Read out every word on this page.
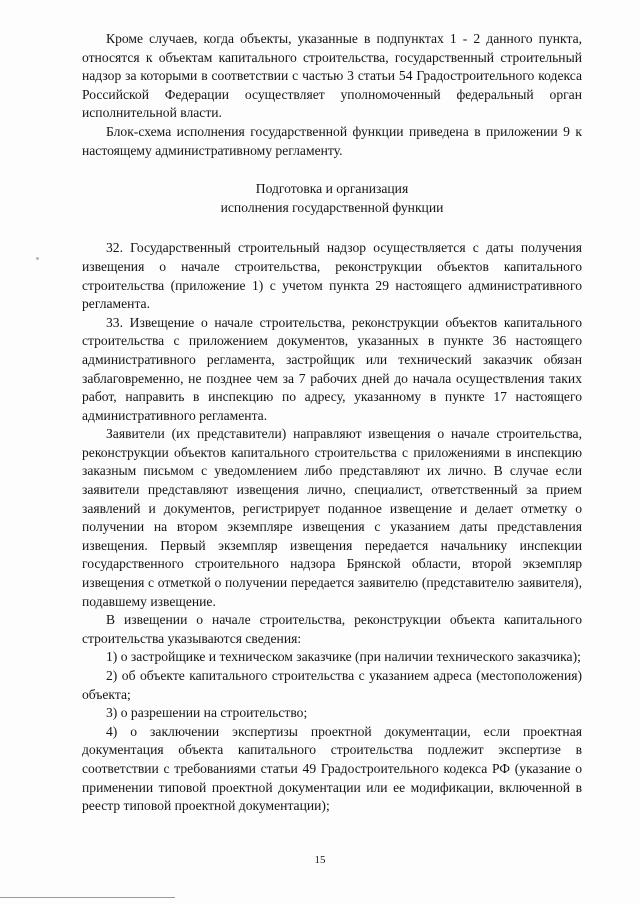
Кроме случаев, когда объекты, указанные в подпунктах 1 - 2 данного пункта, относятся к объектам капитального строительства, государственный строительный надзор за которыми в соответствии с частью 3 статьи 54 Градостроительного кодекса Российской Федерации осуществляет уполномоченный федеральный орган исполнительной власти.

Блок-схема исполнения государственной функции приведена в приложении 9 к настоящему административному регламенту.

Подготовка и организация
исполнения государственной функции

32. Государственный строительный надзор осуществляется с даты получения извещения о начале строительства, реконструкции объектов капитального строительства (приложение 1) с учетом пункта 29 настоящего административного регламента.

33. Извещение о начале строительства, реконструкции объектов капитального строительства с приложением документов, указанных в пункте 36 настоящего административного регламента, застройщик или технический заказчик обязан заблаговременно, не позднее чем за 7 рабочих дней до начала осуществления таких работ, направить в инспекцию по адресу, указанному в пункте 17 настоящего административного регламента.

Заявители (их представители) направляют извещения о начале строительства, реконструкции объектов капитального строительства с приложениями в инспекцию заказным письмом с уведомлением либо представляют их лично. В случае если заявители представляют извещения лично, специалист, ответственный за прием заявлений и документов, регистрирует поданное извещение и делает отметку о получении на втором экземпляре извещения с указанием даты представления извещения. Первый экземпляр извещения передается начальнику инспекции государственного строительного надзора Брянской области, второй экземпляр извещения с отметкой о получении передается заявителю (представителю заявителя), подавшему извещение.

В извещении о начале строительства, реконструкции объекта капитального строительства указываются сведения:

1) о застройщике и техническом заказчике (при наличии технического заказчика);

2) об объекте капитального строительства с указанием адреса (местоположения) объекта;

3) о разрешении на строительство;

4) о заключении экспертизы проектной документации, если проектная документация объекта капитального строительства подлежит экспертизе в соответствии с требованиями статьи 49 Градостроительного кодекса РФ (указание о применении типовой проектной документации или ее модификации, включенной в реестр типовой проектной документации);

15
